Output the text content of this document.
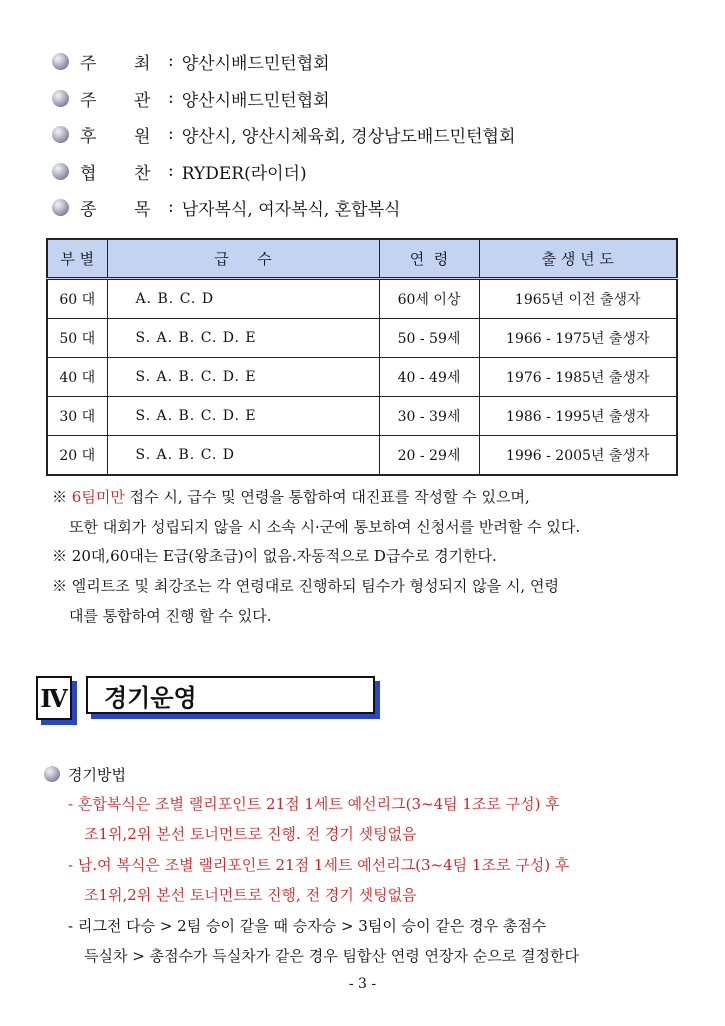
주	최	: 양산시배드민턴협회
주	관	: 양산시배드민턴협회
후	원	: 양산시, 양산시체육회, 경상남도배드민턴협회
협	찬	: RYDER(라이더)
종	목	: 남자복식, 여자복식, 혼합복식
부 별	급      수	연  령	출 생 년 도
60 대	A. B. C. D	60세 이상	1965년 이전 출생자
50 대	S. A. B. C. D. E	50 - 59세	1966 - 1975년 출생자
40 대	S. A. B. C. D. E	40 - 49세	1976 - 1985년 출생자
30 대	S. A. B. C. D. E	30 - 39세	1986 - 1995년 출생자
20 대	S. A. B. C. D	20 - 29세	1996 - 2005년 출생자
※ 6팀미만 접수 시, 급수 및 연령을 통합하여 대진표를 작성할 수 있으며,
또한 대회가 성립되지 않을 시 소속 시·군에 통보하여 신청서를 반려할 수 있다.
※ 20대,60대는 E급(왕초급)이 없음.자동적으로 D급수로 경기한다.
※ 엘리트조 및 최강조는 각 연령대로 진행하되 팀수가 형성되지 않을 시, 연령
대를 통합하여 진행 할 수 있다.
Ⅳ	경기운영
경기방법
- 혼합복식은 조별 랠리포인트 21점 1세트 예선리그(3~4팀 1조로 구성) 후
조1위,2위 본선 토너먼트로 진행. 전 경기 셋팅없음
- 남.여 복식은 조별 랠리포인트 21점 1세트 예선리그(3~4팀 1조로 구성) 후
조1위,2위 본선 토너먼트로 진행, 전 경기 셋팅없음
- 리그전 다승 > 2팀 승이 같을 때 승자승 > 3팀이 승이 같은 경우 총점수
득실차 > 총점수가 득실차가 같은 경우 팀합산 연령 연장자 순으로 결정한다
- 3 -
